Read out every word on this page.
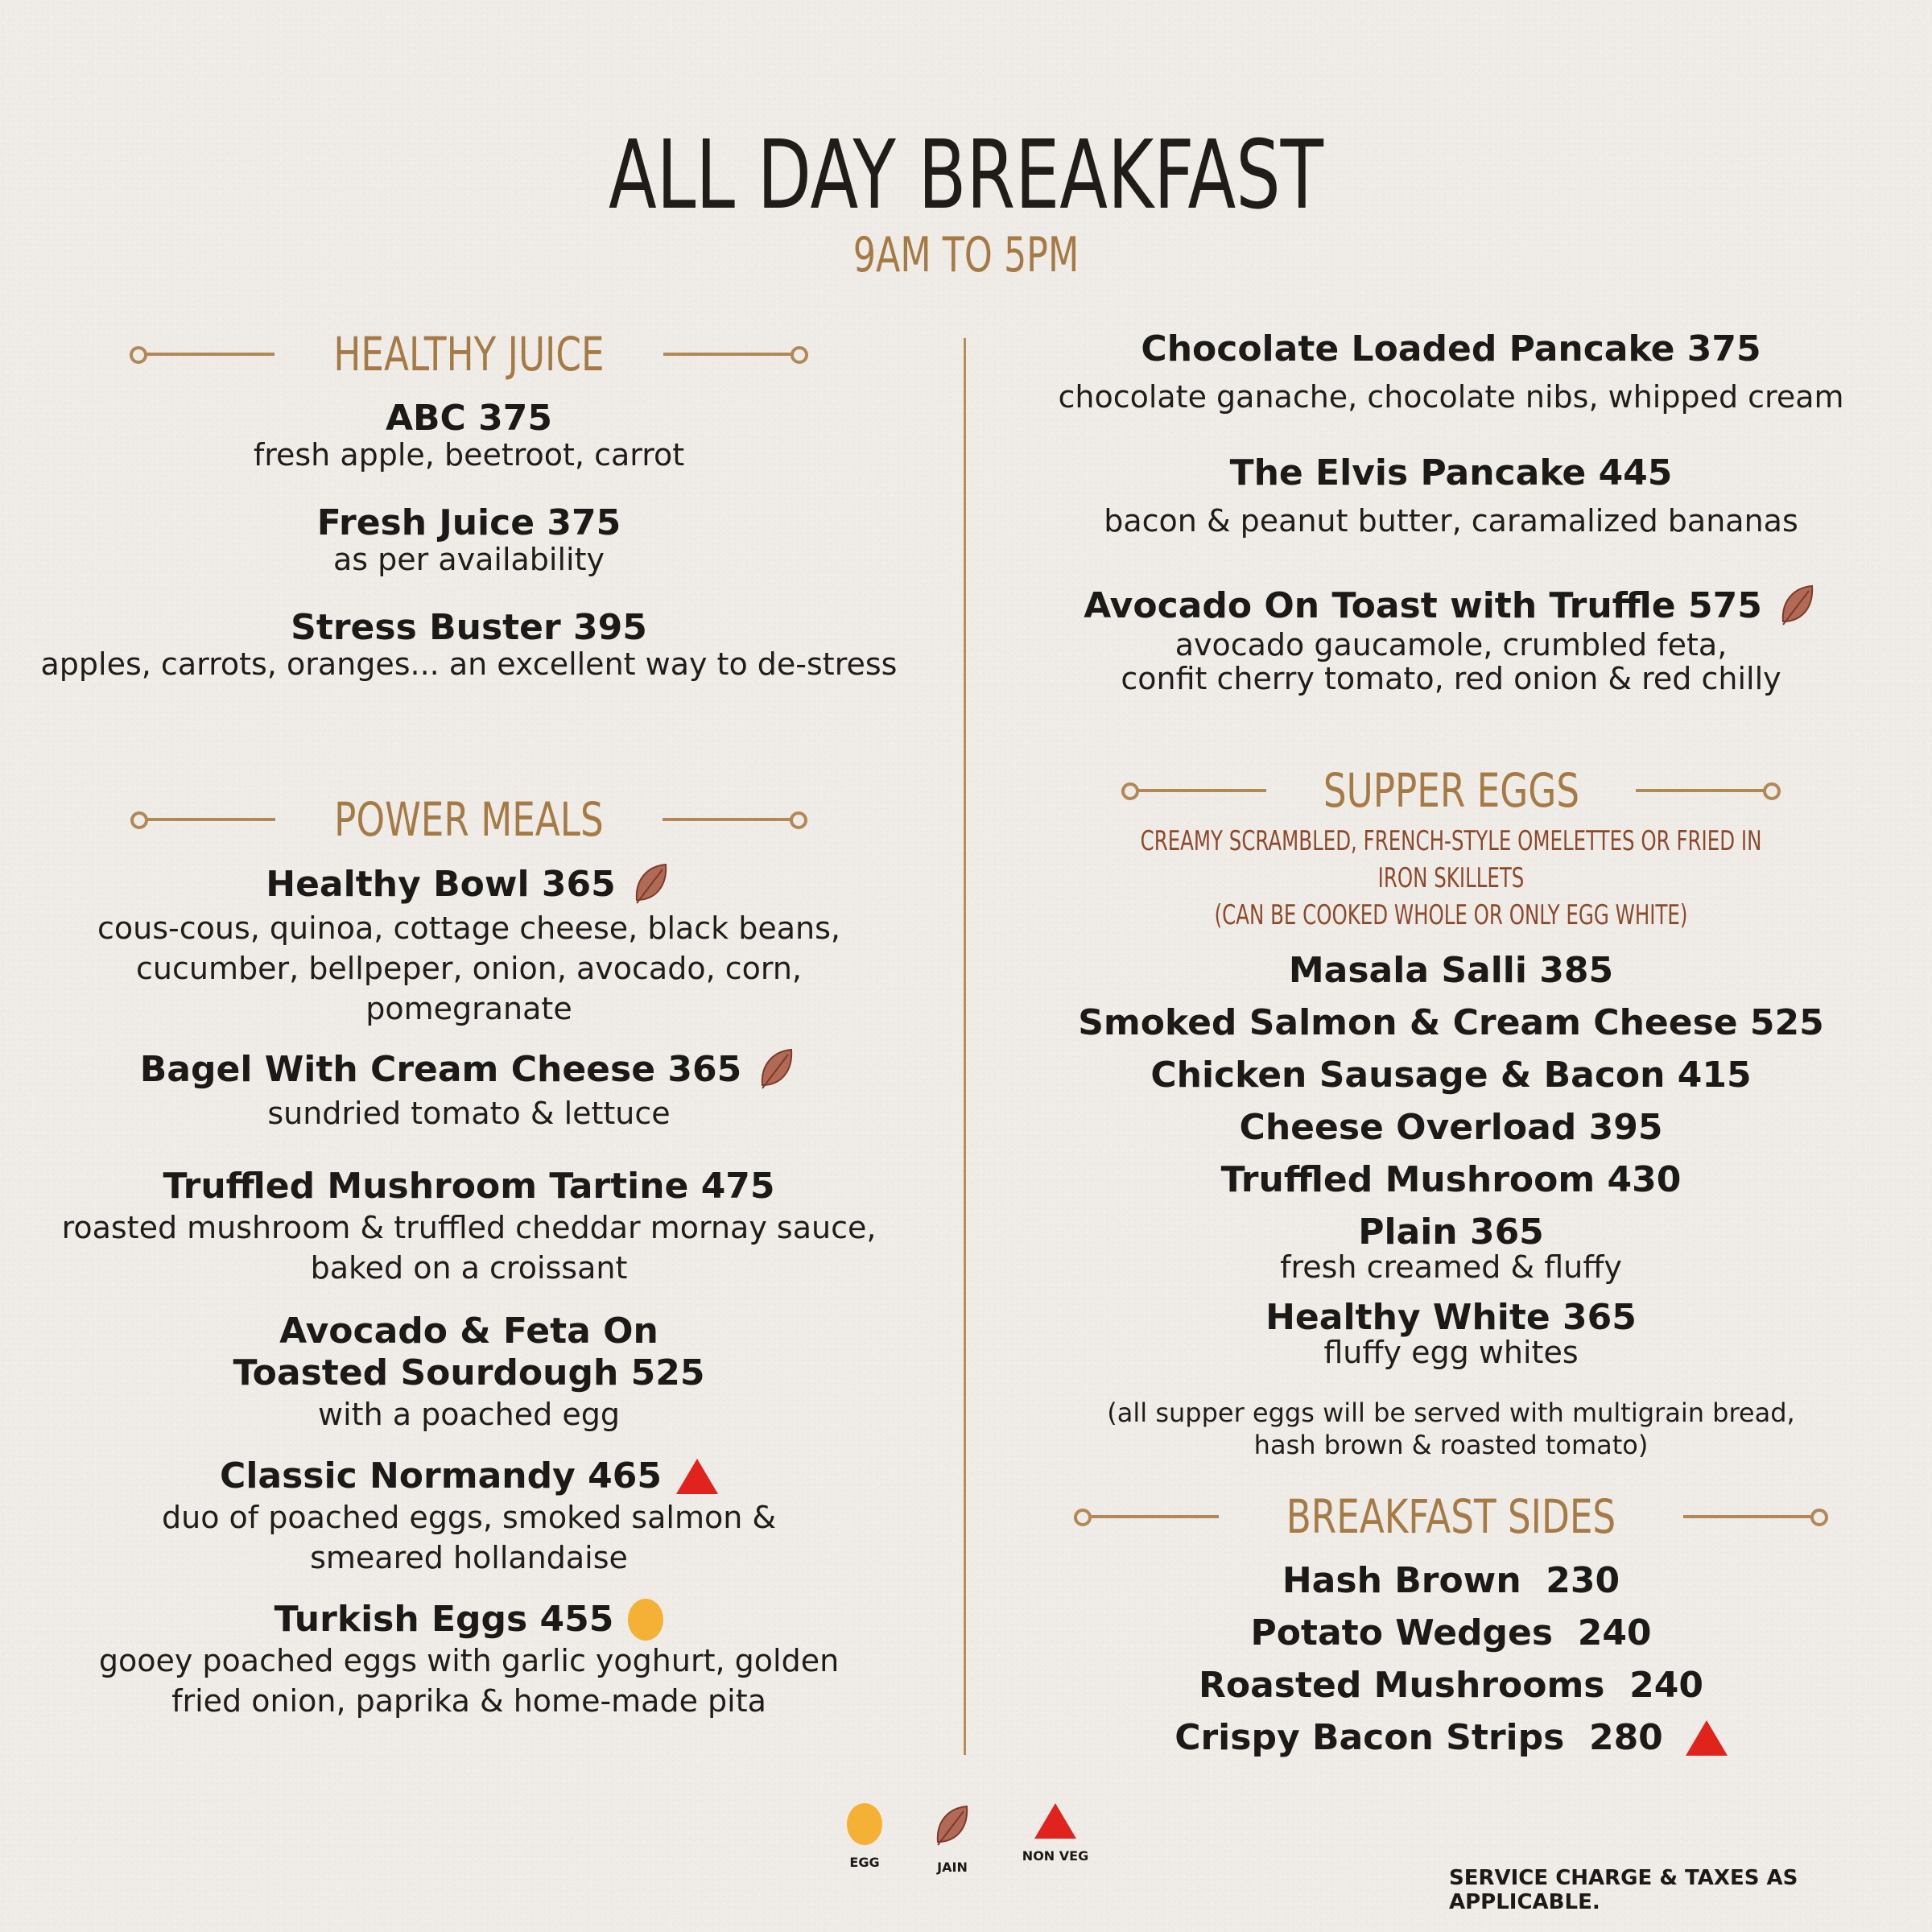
ALL DAY BREAKFAST
9AM TO 5PM
HEALTHY JUICE
ABC 375
fresh apple, beetroot, carrot
Fresh Juice 375
as per availability
Stress Buster 395
apples, carrots, oranges... an excellent way to de-stress
POWER MEALS
Healthy Bowl 365
cous-cous, quinoa, cottage cheese, black beans,
cucumber, bellpeper, onion, avocado, corn, pomegranate
Bagel With Cream Cheese 365
sundried tomato & lettuce
Truffled Mushroom Tartine 475
roasted mushroom & truffled cheddar mornay sauce,
baked on a croissant
Avocado & Feta On
Toasted Sourdough 525
with a poached egg
Classic Normandy 465
duo of poached eggs, smoked salmon &
smeared hollandaise
Turkish Eggs 455
gooey poached eggs with garlic yoghurt, golden
fried onion, paprika & home-made pita
Chocolate Loaded Pancake 375
chocolate ganache, chocolate nibs, whipped cream
The Elvis Pancake 445
bacon & peanut butter, caramalized bananas
Avocado On Toast with Truffle 575
avocado gaucamole, crumbled feta,
confit cherry tomato, red onion & red chilly
SUPPER EGGS
CREAMY SCRAMBLED, FRENCH-STYLE OMELETTES OR FRIED IN IRON SKILLETS
(CAN BE COOKED WHOLE OR ONLY EGG WHITE)
Masala Salli 385
Smoked Salmon & Cream Cheese 525
Chicken Sausage & Bacon 415
Cheese Overload 395
Truffled Mushroom 430
Plain 365
fresh creamed & fluffy
Healthy White 365
fluffy egg whites
(all supper eggs will be served with multigrain bread,
hash brown & roasted tomato)
BREAKFAST SIDES
Hash Brown  230
Potato Wedges  240
Roasted Mushrooms  240
Crispy Bacon Strips  280
EGG	JAIN
NON VEG
SERVICE CHARGE & TAXES AS APPLICABLE.
